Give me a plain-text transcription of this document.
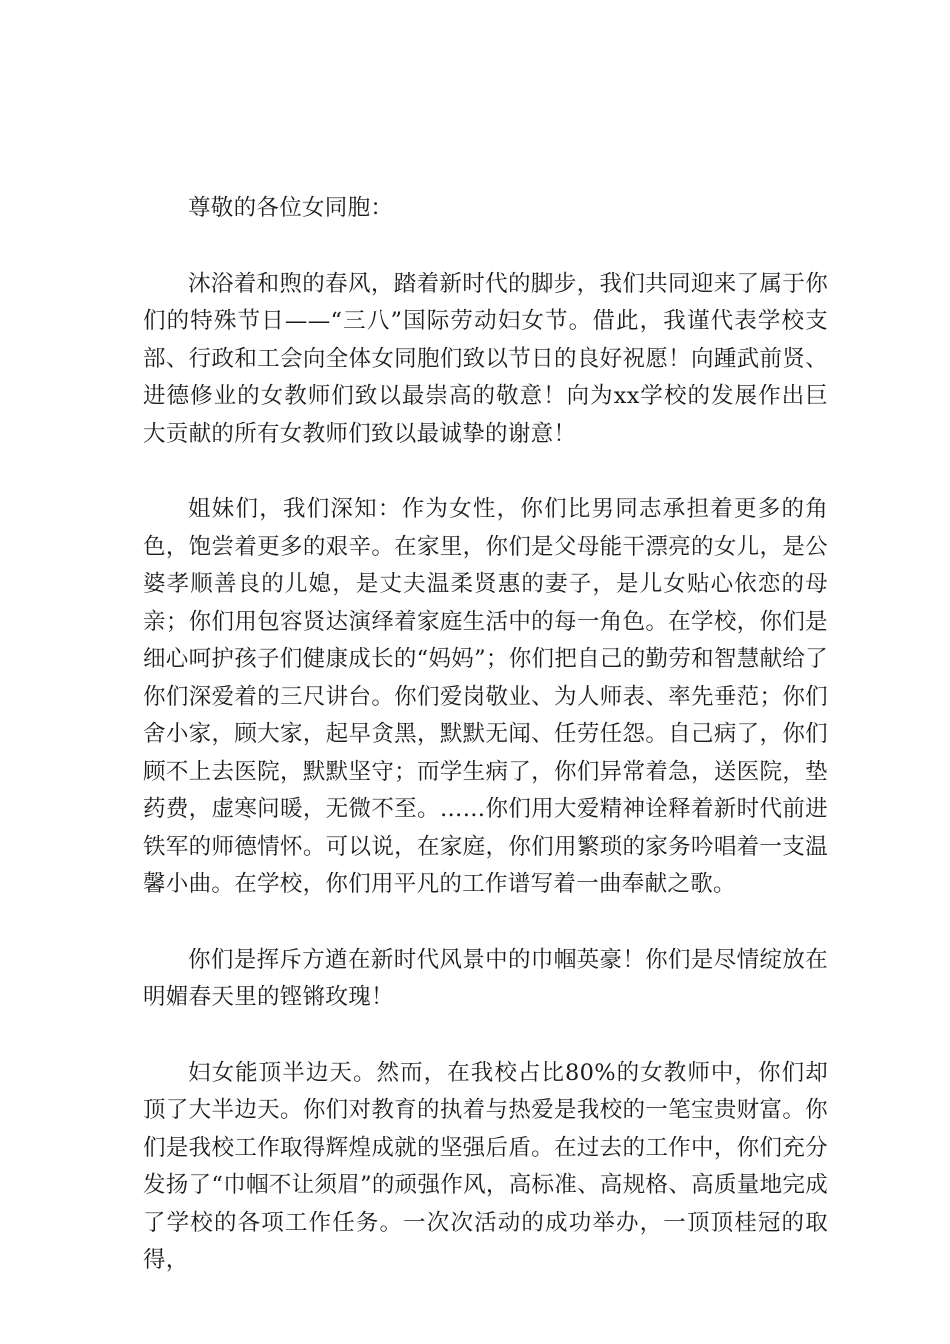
尊敬的各位女同胞：

沐浴着和煦的春风，踏着新时代的脚步，我们共同迎来了属于你们的特殊节日——“三八”国际劳动妇女节。借此，我谨代表学校支部、行政和工会向全体女同胞们致以节日的良好祝愿！向踵武前贤、进德修业的女教师们致以最崇高的敬意！向为xx学校的发展作出巨大贡献的所有女教师们致以最诚挚的谢意！

姐妹们，我们深知：作为女性，你们比男同志承担着更多的角色，饱尝着更多的艰辛。在家里，你们是父母能干漂亮的女儿，是公婆孝顺善良的儿媳，是丈夫温柔贤惠的妻子，是儿女贴心依恋的母亲；你们用包容贤达演绎着家庭生活中的每一角色。在学校，你们是细心呵护孩子们健康成长的“妈妈”；你们把自己的勤劳和智慧献给了你们深爱着的三尺讲台。你们爱岗敬业、为人师表、率先垂范；你们舍小家，顾大家，起早贪黑，默默无闻、任劳任怨。自己病了，你们顾不上去医院，默默坚守；而学生病了，你们异常着急，送医院，垫药费，虚寒问暖，无微不至。……你们用大爱精神诠释着新时代前进铁军的师德情怀。可以说，在家庭，你们用繁琐的家务吟唱着一支温馨小曲。在学校，你们用平凡的工作谱写着一曲奉献之歌。

你们是挥斥方遒在新时代风景中的巾帼英豪！你们是尽情绽放在明媚春天里的铿锵玫瑰！

妇女能顶半边天。然而，在我校占比80%的女教师中，你们却顶了大半边天。你们对教育的执着与热爱是我校的一笔宝贵财富。你们是我校工作取得辉煌成就的坚强后盾。在过去的工作中，你们充分发扬了“巾帼不让须眉”的顽强作风，高标准、高规格、高质量地完成了学校的各项工作任务。一次次活动的成功举办，一顶顶桂冠的取得，
